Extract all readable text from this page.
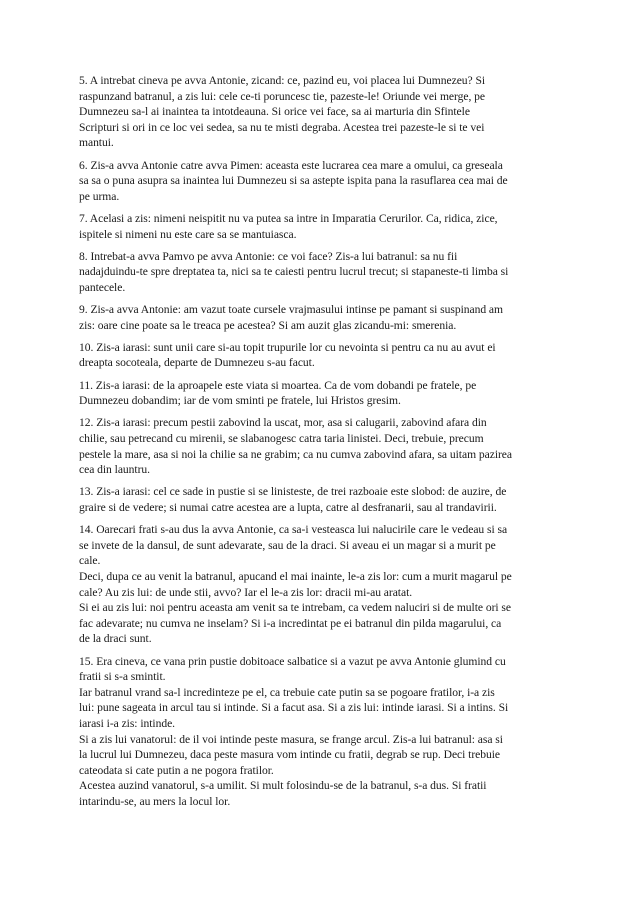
5. A intrebat cineva pe avva Antonie, zicand: ce, pazind eu, voi placea lui Dumnezeu? Si
raspunzand batranul, a zis lui: cele ce-ti poruncesc tie, pazeste-le! Oriunde vei merge, pe
Dumnezeu sa-l ai inaintea ta intotdeauna. Si orice vei face, sa ai marturia din Sfintele
Scripturi si ori in ce loc vei sedea, sa nu te misti degraba. Acestea trei pazeste-le si te vei
mantui.
6. Zis-a avva Antonie catre avva Pimen: aceasta este lucrarea cea mare a omului, ca greseala
sa sa o puna asupra sa inaintea lui Dumnezeu si sa astepte ispita pana la rasuflarea cea mai de
pe urma.
7. Acelasi a zis: nimeni neispitit nu va putea sa intre in Imparatia Cerurilor. Ca, ridica, zice,
ispitele si nimeni nu este care sa se mantuiasca.
8. Intrebat-a avva Pamvo pe avva Antonie: ce voi face? Zis-a lui batranul: sa nu fii
nadajduindu-te spre dreptatea ta, nici sa te caiesti pentru lucrul trecut; si stapaneste-ti limba si
pantecele.
9. Zis-a avva Antonie: am vazut toate cursele vrajmasului intinse pe pamant si suspinand am
zis: oare cine poate sa le treaca pe acestea? Si am auzit glas zicandu-mi: smerenia.
10. Zis-a iarasi: sunt unii care si-au topit trupurile lor cu nevointa si pentru ca nu au avut ei
dreapta socoteala, departe de Dumnezeu s-au facut.
11. Zis-a iarasi: de la aproapele este viata si moartea. Ca de vom dobandi pe fratele, pe
Dumnezeu dobandim; iar de vom sminti pe fratele, lui Hristos gresim.
12. Zis-a iarasi: precum pestii zabovind la uscat, mor, asa si calugarii, zabovind afara din
chilie, sau petrecand cu mirenii, se slabanogesc catra taria linistei. Deci, trebuie, precum
pestele la mare, asa si noi la chilie sa ne grabim; ca nu cumva zabovind afara, sa uitam pazirea
cea din launtru.
13. Zis-a iarasi: cel ce sade in pustie si se linisteste, de trei razboaie este slobod: de auzire, de
graire si de vedere; si numai catre acestea are a lupta, catre al desfranarii, sau al trandavirii.
14. Oarecari frati s-au dus la avva Antonie, ca sa-i vesteasca lui nalucirile care le vedeau si sa
se invete de la dansul, de sunt adevarate, sau de la draci. Si aveau ei un magar si a murit pe
cale.
Deci, dupa ce au venit la batranul, apucand el mai inainte, le-a zis lor: cum a murit magarul pe
cale? Au zis lui: de unde stii, avvo? Iar el le-a zis lor: dracii mi-au aratat.
Si ei au zis lui: noi pentru aceasta am venit sa te intrebam, ca vedem naluciri si de multe ori se
fac adevarate; nu cumva ne inselam? Si i-a incredintat pe ei batranul din pilda magarului, ca
de la draci sunt.
15. Era cineva, ce vana prin pustie dobitoace salbatice si a vazut pe avva Antonie glumind cu
fratii si s-a smintit.
Iar batranul vrand sa-l incredinteze pe el, ca trebuie cate putin sa se pogoare fratilor, i-a zis
lui: pune sageata in arcul tau si intinde. Si a facut asa. Si a zis lui: intinde iarasi. Si a intins. Si
iarasi i-a zis: intinde.
Si a zis lui vanatorul: de il voi intinde peste masura, se frange arcul. Zis-a lui batranul: asa si
la lucrul lui Dumnezeu, daca peste masura vom intinde cu fratii, degrab se rup. Deci trebuie
cateodata si cate putin a ne pogora fratilor.
Acestea auzind vanatorul, s-a umilit. Si mult folosindu-se de la batranul, s-a dus. Si fratii
intarindu-se, au mers la locul lor.
